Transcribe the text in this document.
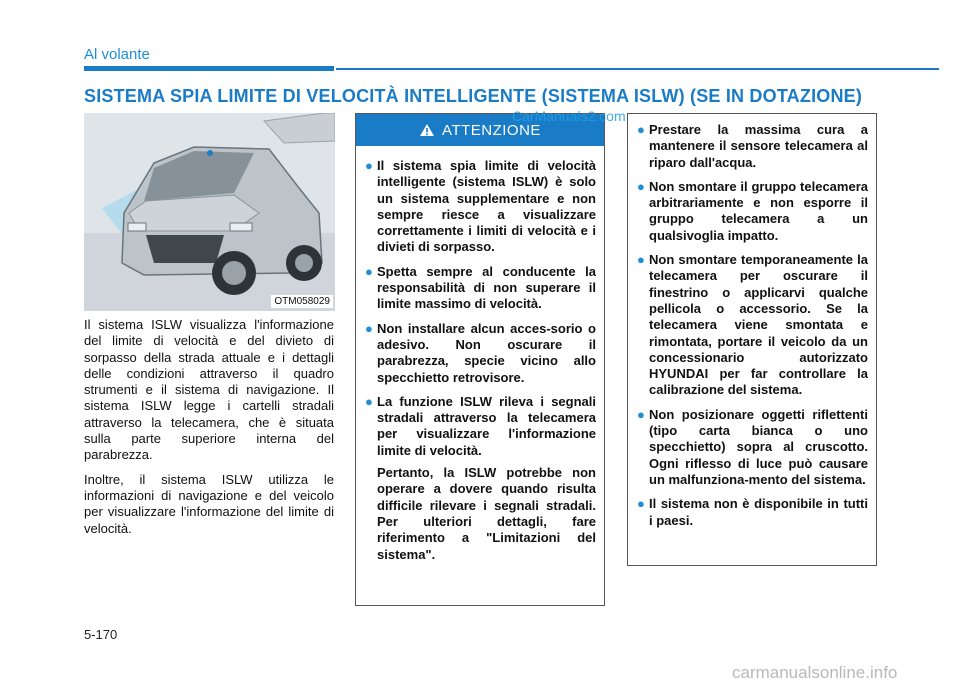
Al volante
SISTEMA SPIA LIMITE DI VELOCITÀ INTELLIGENTE (SISTEMA ISLW) (SE IN DOTAZIONE)
OTM058029

Il sistema ISLW visualizza l'informazione del limite di velocità e del divieto di sorpasso della strada attuale e i dettagli delle condizioni attraverso il quadro strumenti e il sistema di navigazione. Il sistema ISLW legge i cartelli stradali attraverso la telecamera, che è situata sulla parte superiore interna del parabrezza.

Inoltre, il sistema ISLW utilizza le informazioni di navigazione e del veicolo per visualizzare l'informazione del limite di velocità.

ATTENZIONE
● Il sistema spia limite di velocità intelligente (sistema ISLW) è solo un sistema supplementare e non sempre riesce a visualizzare correttamente i limiti di velocità e i divieti di sorpasso.
● Spetta sempre al conducente la responsabilità di non superare il limite massimo di velocità.
● Non installare alcun acces-sorio o adesivo. Non oscurare il parabrezza, specie vicino allo specchietto retrovisore.
● La funzione ISLW rileva i segnali stradali attraverso la telecamera per visualizzare l'informazione limite di velocità.
Pertanto, la ISLW potrebbe non operare a dovere quando risulta difficile rilevare i segnali stradali. Per ulteriori dettagli, fare riferimento a "Limitazioni del sistema".
● Prestare la massima cura a mantenere il sensore telecamera al riparo dall'acqua.
● Non smontare il gruppo telecamera arbitrariamente e non esporre il gruppo telecamera a un qualsivoglia impatto.
● Non smontare temporaneamente la telecamera per oscurare il finestrino o applicarvi qualche pellicola o accessorio. Se la telecamera viene smontata e rimontata, portare il veicolo da un concessionario autorizzato HYUNDAI per far controllare la calibrazione del sistema.
● Non posizionare oggetti riflettenti (tipo carta bianca o uno specchietto) sopra al cruscotto. Ogni riflesso di luce può causare un malfunziona-mento del sistema.
● Il sistema non è disponibile in tutti i paesi.
5-170
CarManuals2.com
carmanualsonline.info
